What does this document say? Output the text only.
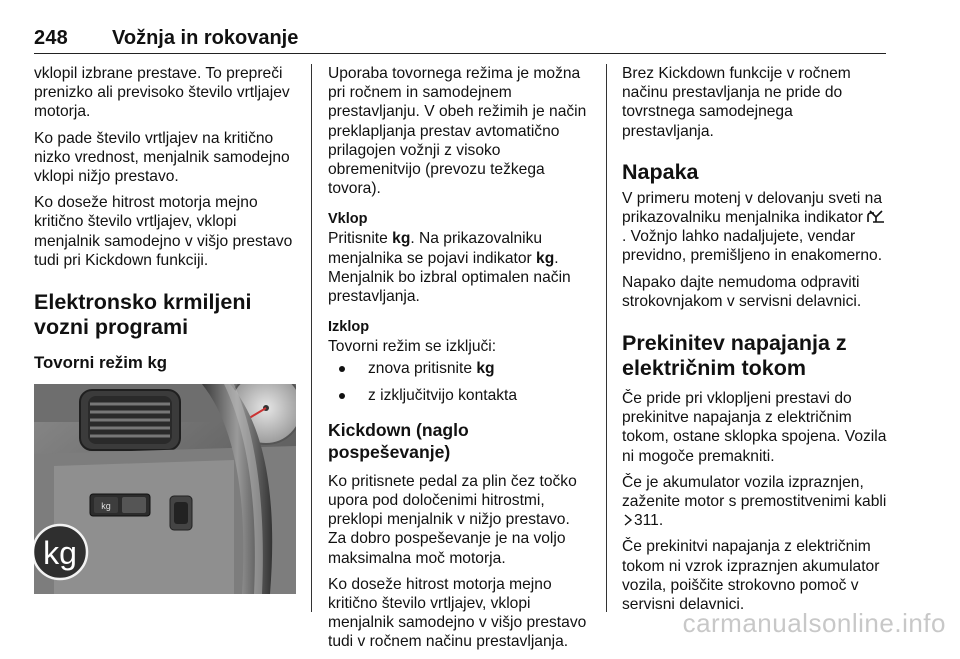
248	Vožnja in rokovanje

vklopil izbrane prestave. To prepreči prenizko ali previsoko število vrtljajev motorja.

Ko pade število vrtljajev na kritično nizko vrednost, menjalnik samodejno vklopi nižjo prestavo.

Ko doseže hitrost motorja mejno kritično število vrtljajev, vklopi menjalnik samodejno v višjo prestavo tudi pri Kickdown funkciji.

Elektronsko krmiljeni vozni programi
Tovorni režim kg
kg
kg

Uporaba tovornega režima je možna pri ročnem in samodejnem prestavljanju. V obeh režimih je način preklapljanja prestav avtomatično prilagojen vožnji z visoko obremenitvijo (prevozu težkega tovora).

Vklop

Pritisnite kg. Na prikazovalniku menjalnika se pojavi indikator kg. Menjalnik bo izbral optimalen način prestavljanja.

Izklop

Tovorni režim se izključi:

znova pritisnite kg
z izključitvijo kontakta
Kickdown (naglo pospeševanje)

Ko pritisnete pedal za plin čez točko upora pod določenimi hitrostmi, preklopi menjalnik v nižjo prestavo. Za dobro pospeševanje je na voljo maksimalna moč motorja.

Ko doseže hitrost motorja mejno kritično število vrtljajev, vklopi menjalnik samodejno v višjo prestavo tudi v ročnem načinu prestavljanja.

Brez Kickdown funkcije v ročnem načinu prestavljanja ne pride do tovrstnega samodejnega prestavljanja.

Napaka

V primeru motenj v delovanju sveti na prikazovalniku menjalnika indikator . Vožnjo lahko nadaljujete, vendar previdno, premišljeno in enakomerno.

Napako dajte nemudoma odpraviti strokovnjakom v servisni delavnici.

Prekinitev napajanja z električnim tokom

Če pride pri vklopljeni prestavi do prekinitve napajanja z električnim tokom, ostane sklopka spojena. Vozila ni mogoče premakniti.

Če je akumulator vozila izpraznjen, zaženite motor s premostitvenimi kabli 311.

Če prekinitvi napajanja z električnim tokom ni vzrok izpraznjen akumulator vozila, poiščite strokovno pomoč v servisni delavnici.

carmanualsonline.info
